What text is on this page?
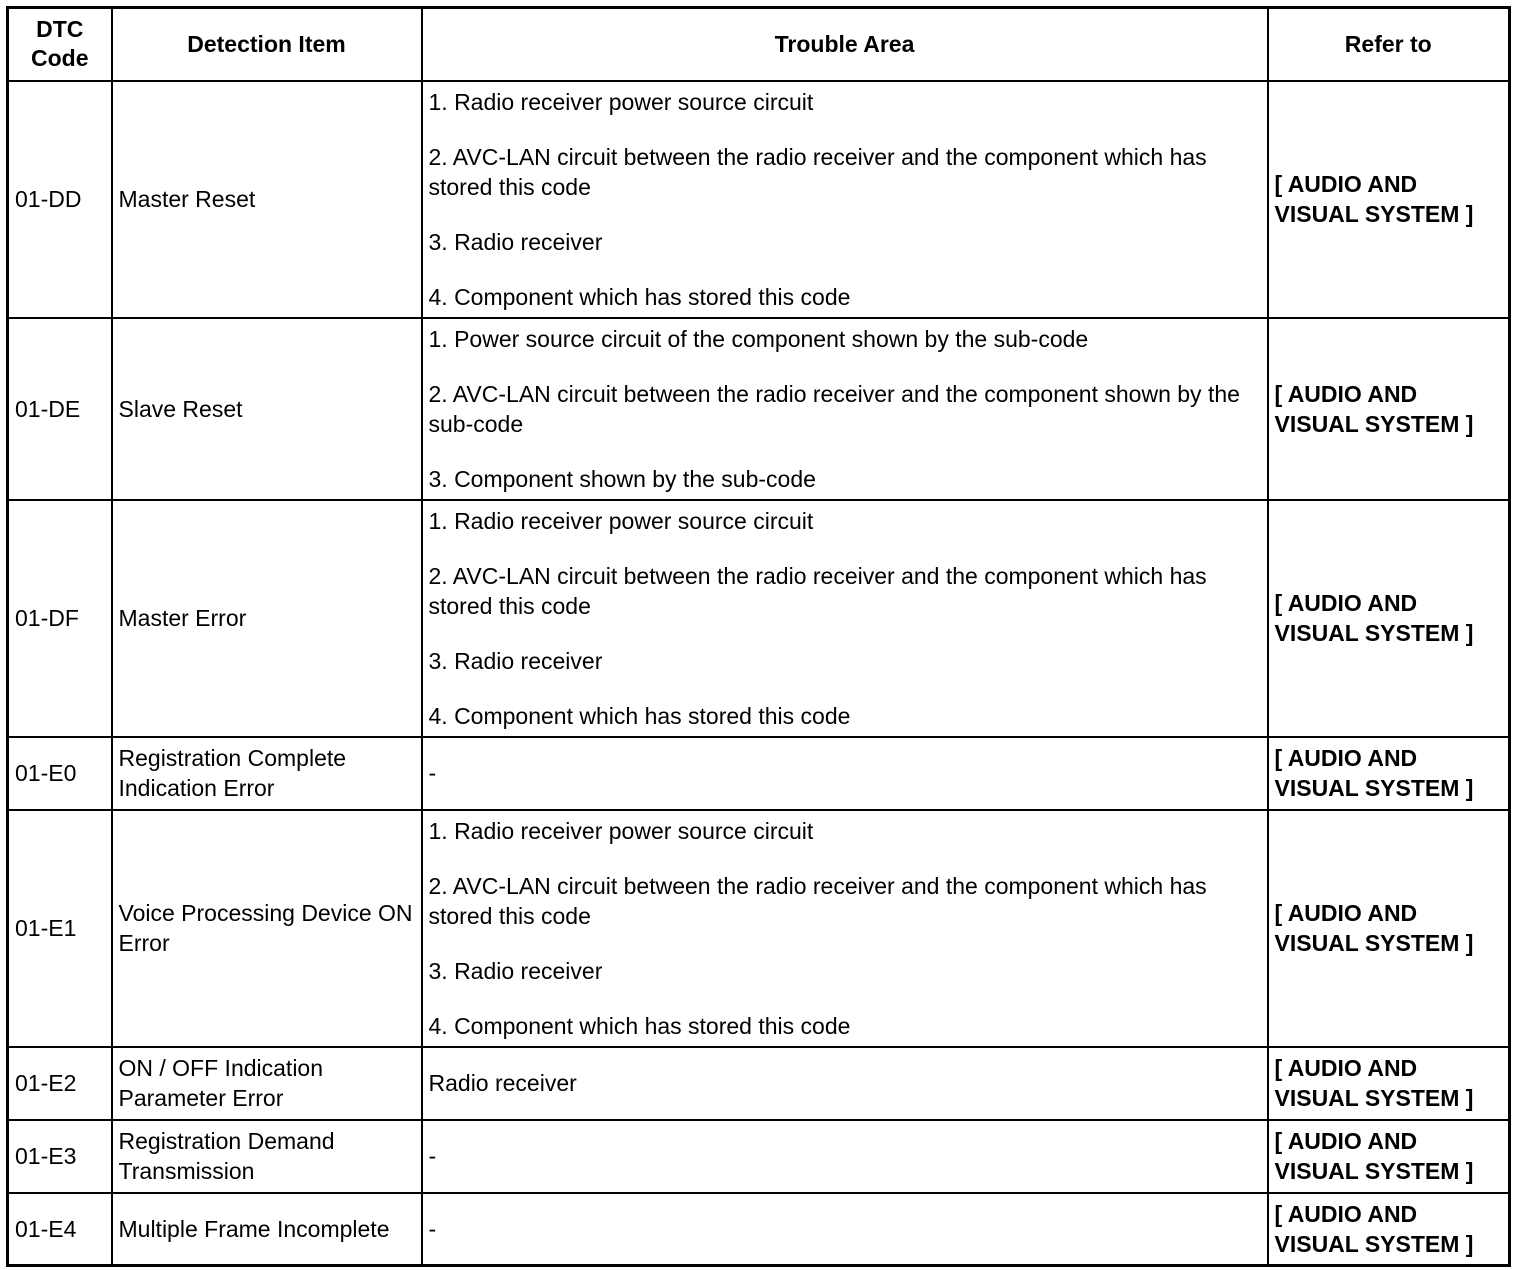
DTC Code	Detection Item	Trouble Area	Refer to
01-DD	Master Reset	1. Radio receiver power source circuit
2. AVC-LAN circuit between the radio receiver and the component which has stored this code
3. Radio receiver
4. Component which has stored this code	[ AUDIO AND VISUAL SYSTEM ]
01-DE	Slave Reset	1. Power source circuit of the component shown by the sub-code
2. AVC-LAN circuit between the radio receiver and the component shown by the sub-code
3. Component shown by the sub-code	[ AUDIO AND VISUAL SYSTEM ]
01-DF	Master Error	1. Radio receiver power source circuit
2. AVC-LAN circuit between the radio receiver and the component which has stored this code
3. Radio receiver
4. Component which has stored this code	[ AUDIO AND VISUAL SYSTEM ]
01-E0	Registration Complete Indication Error	-	[ AUDIO AND VISUAL SYSTEM ]
01-E1	Voice Processing Device ON Error	1. Radio receiver power source circuit
2. AVC-LAN circuit between the radio receiver and the component which has stored this code
3. Radio receiver
4. Component which has stored this code	[ AUDIO AND VISUAL SYSTEM ]
01-E2	ON / OFF Indication Parameter Error	Radio receiver	[ AUDIO AND VISUAL SYSTEM ]
01-E3	Registration Demand Transmission	-	[ AUDIO AND VISUAL SYSTEM ]
01-E4	Multiple Frame Incomplete	-	[ AUDIO AND VISUAL SYSTEM ]
